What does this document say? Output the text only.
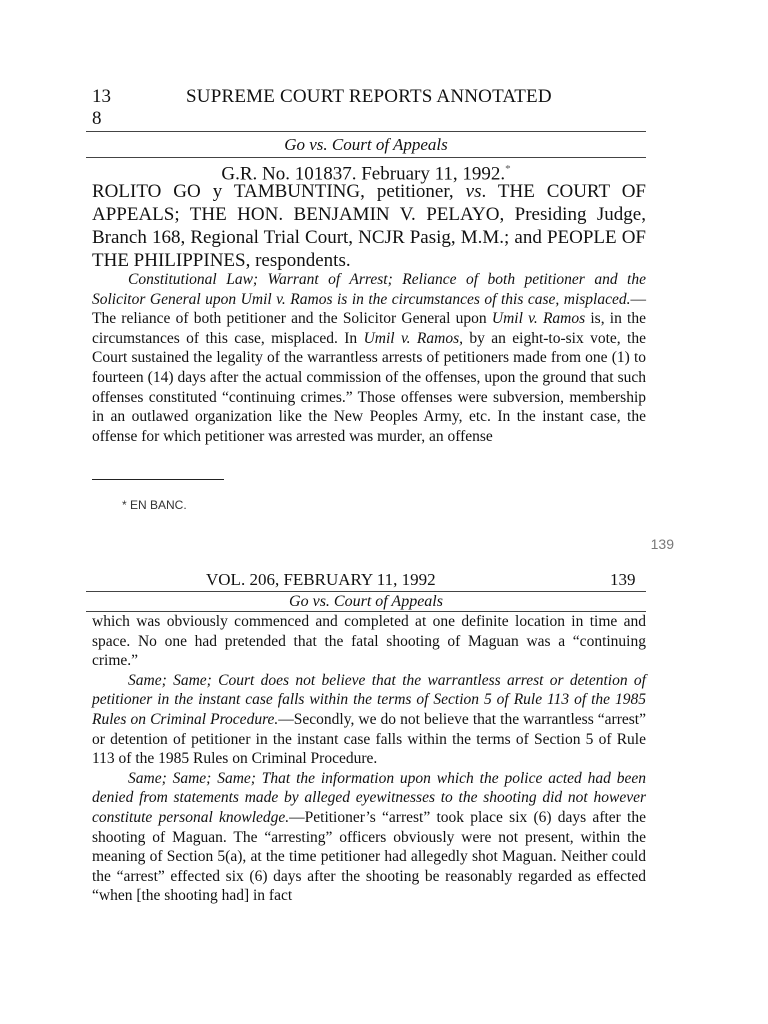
13
8
SUPREME COURT REPORTS ANNOTATED
Go vs. Court of Appeals
G.R. No. 101837. February 11, 1992.*
ROLITO GO y TAMBUNTING, petitioner, vs. THE COURT OF APPEALS; THE HON. BENJAMIN V. PELAYO, Presiding Judge, Branch 168, Regional Trial Court, NCJR Pasig, M.M.; and PEOPLE OF THE PHILIPPINES, respondents.

Constitutional Law; Warrant of Arrest; Reliance of both petitioner and the Solicitor General upon Umil v. Ramos is in the circumstances of this case, misplaced.—The reliance of both petitioner and the Solicitor General upon Umil v. Ramos is, in the circumstances of this case, misplaced. In Umil v. Ramos, by an eight-to-six vote, the Court sustained the legality of the warrantless arrests of petitioners made from one (1) to fourteen (14) days after the actual commission of the offenses, upon the ground that such offenses constituted “continuing crimes.” Those offenses were subversion, membership in an outlawed organization like the New Peoples Army, etc. In the instant case, the offense for which petitioner was arrested was murder, an offense

* EN BANC.
139
VOL. 206, FEBRUARY 11, 1992	139
Go vs. Court of Appeals

which was obviously commenced and completed at one definite location in time and space. No one had pretended that the fatal shooting of Maguan was a “continuing crime.”

Same; Same; Court does not believe that the warrantless arrest or detention of petitioner in the instant case falls within the terms of Section 5 of Rule 113 of the 1985 Rules on Criminal Procedure.—Secondly, we do not believe that the warrantless “arrest” or detention of petitioner in the instant case falls within the terms of Section 5 of Rule 113 of the 1985 Rules on Criminal Procedure.

Same; Same; Same; That the information upon which the police acted had been denied from statements made by alleged eyewitnesses to the shooting did not however constitute personal knowledge.—Petitioner’s “arrest” took place six (6) days after the shooting of Maguan. The “arresting” officers obviously were not present, within the meaning of Section 5(a), at the time petitioner had allegedly shot Maguan. Neither could the “arrest” effected six (6) days after the shooting be reasonably regarded as effected “when [the shooting had] in fact
